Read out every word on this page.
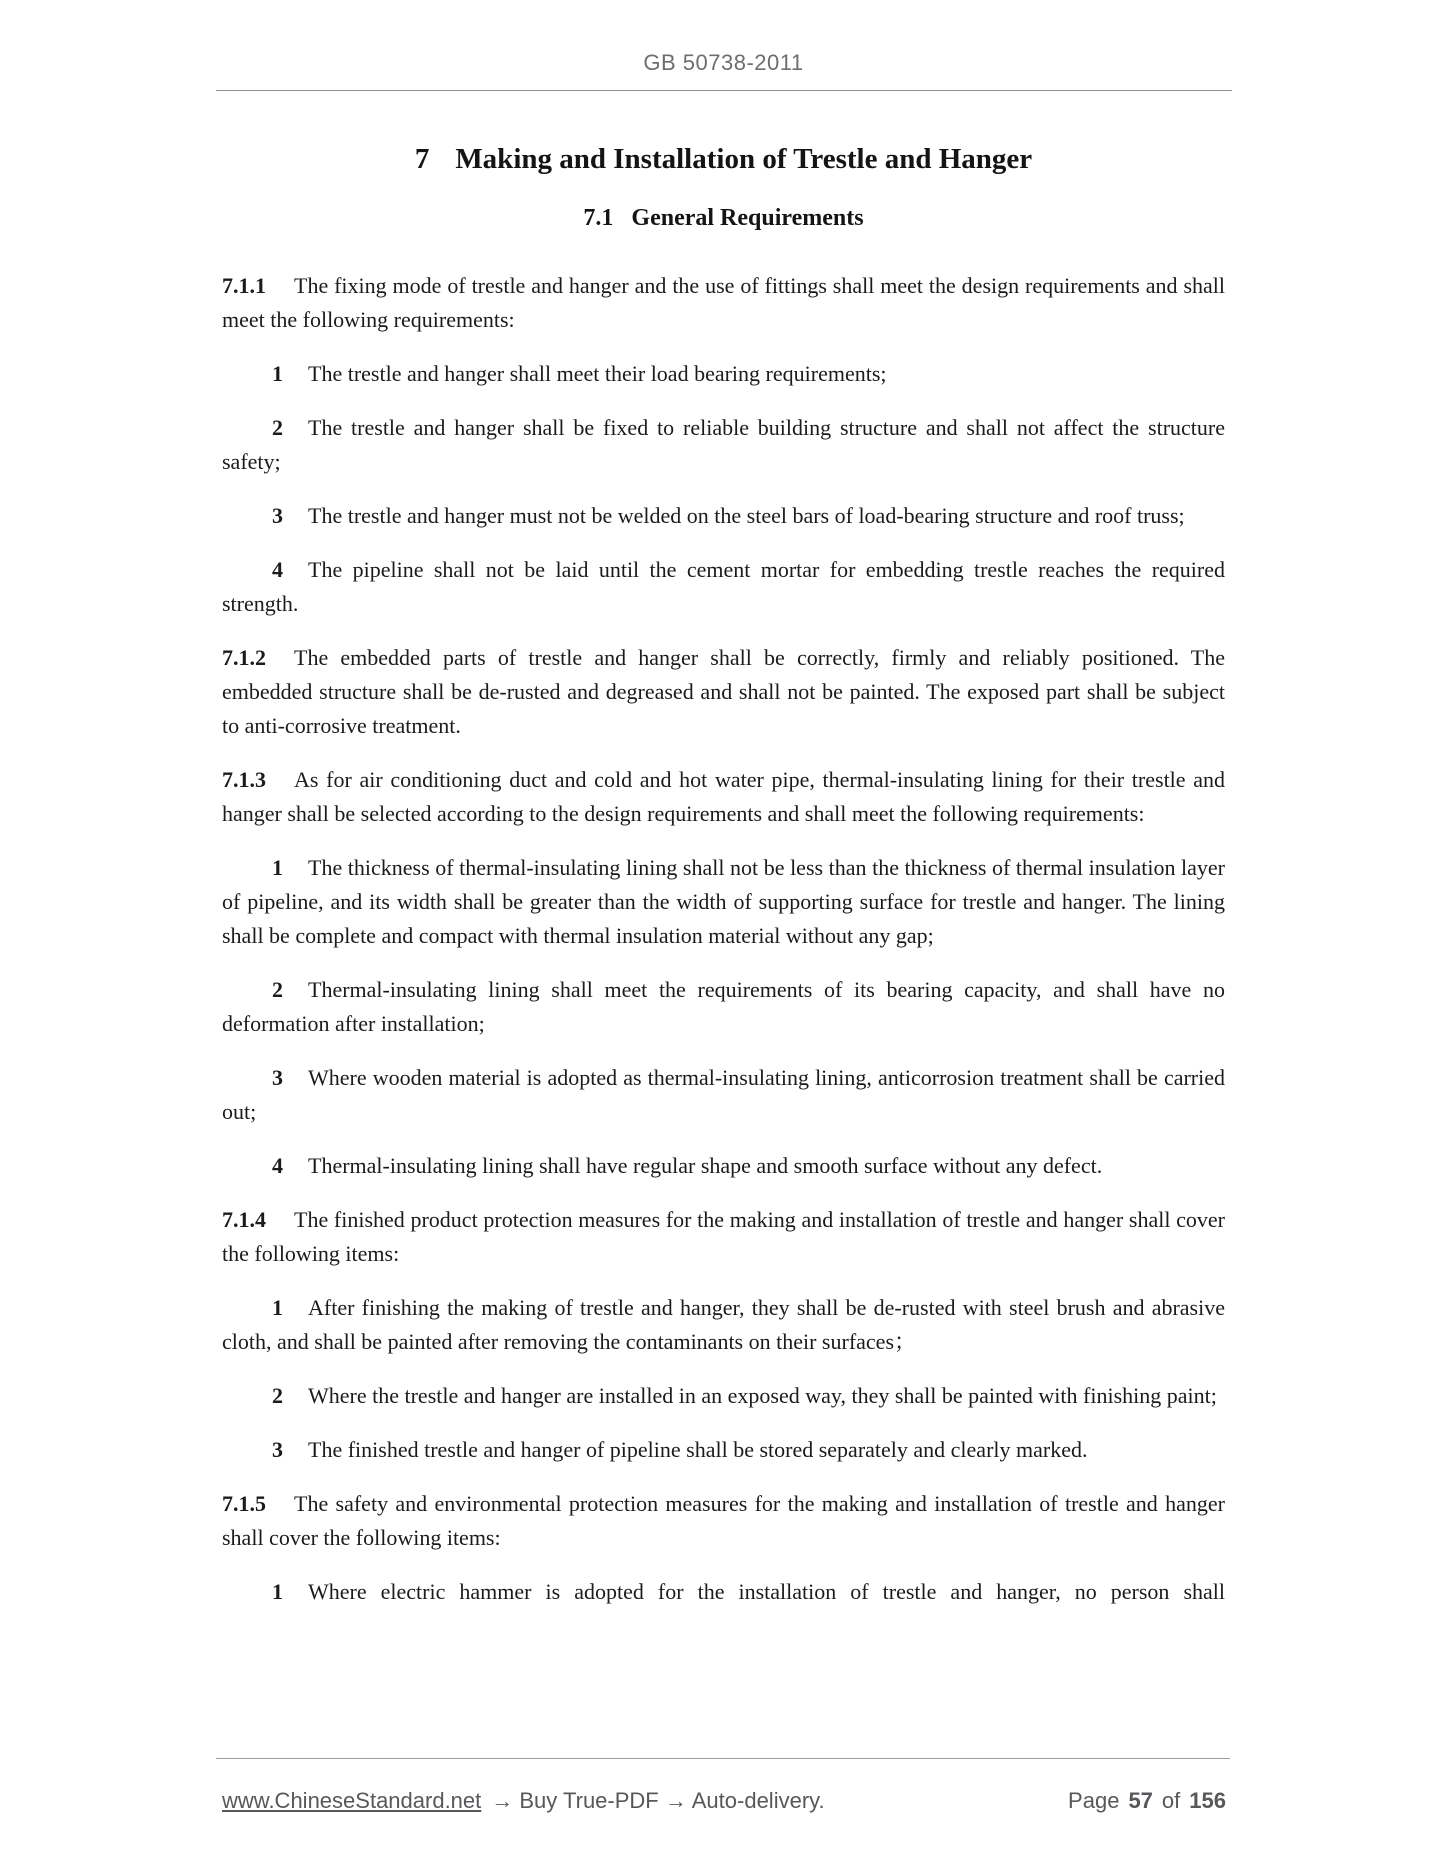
GB 50738-2011
7 Making and Installation of Trestle and Hanger
7.1 General Requirements
7.1.1 The fixing mode of trestle and hanger and the use of fittings shall meet the design requirements and shall meet the following requirements:
1 The trestle and hanger shall meet their load bearing requirements;
2 The trestle and hanger shall be fixed to reliable building structure and shall not affect the structure safety;
3 The trestle and hanger must not be welded on the steel bars of load-bearing structure and roof truss;
4 The pipeline shall not be laid until the cement mortar for embedding trestle reaches the required strength.
7.1.2 The embedded parts of trestle and hanger shall be correctly, firmly and reliably positioned. The embedded structure shall be de-rusted and degreased and shall not be painted. The exposed part shall be subject to anti-corrosive treatment.
7.1.3 As for air conditioning duct and cold and hot water pipe, thermal-insulating lining for their trestle and hanger shall be selected according to the design requirements and shall meet the following requirements:
1 The thickness of thermal-insulating lining shall not be less than the thickness of thermal insulation layer of pipeline, and its width shall be greater than the width of supporting surface for trestle and hanger. The lining shall be complete and compact with thermal insulation material without any gap;
2 Thermal-insulating lining shall meet the requirements of its bearing capacity, and shall have no deformation after installation;
3 Where wooden material is adopted as thermal-insulating lining, anticorrosion treatment shall be carried out;
4 Thermal-insulating lining shall have regular shape and smooth surface without any defect.
7.1.4 The finished product protection measures for the making and installation of trestle and hanger shall cover the following items:
1 After finishing the making of trestle and hanger, they shall be de-rusted with steel brush and abrasive cloth, and shall be painted after removing the contaminants on their surfaces；
2 Where the trestle and hanger are installed in an exposed way, they shall be painted with finishing paint;
3 The finished trestle and hanger of pipeline shall be stored separately and clearly marked.
7.1.5 The safety and environmental protection measures for the making and installation of trestle and hanger shall cover the following items:
1 Where electric hammer is adopted for the installation of trestle and hanger, no person shall
www.ChineseStandard.net → Buy True-PDF → Auto-delivery.	Page 57 of 156
